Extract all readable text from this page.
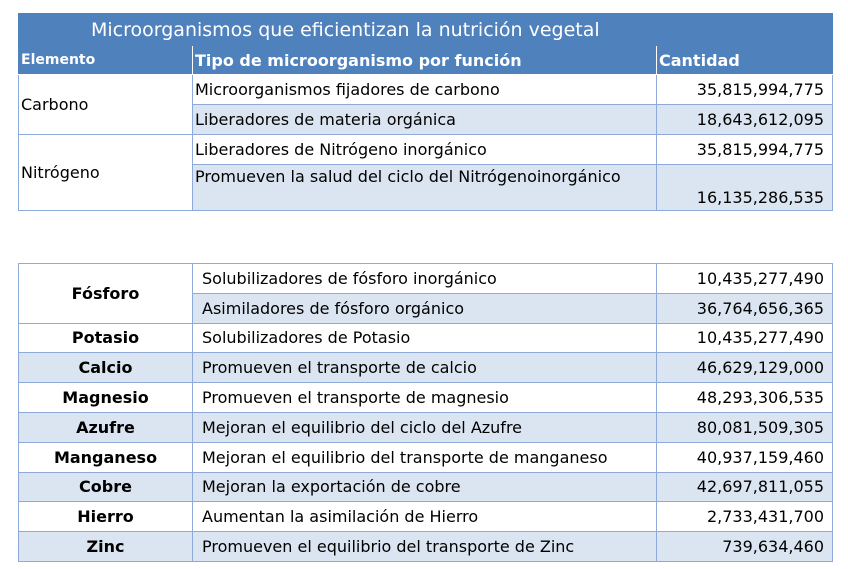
Microorganismos que eficientizan la nutrición vegetal		
Elemento	Tipo de microorganismo por función	Cantidad
Carbono	Microorganismos fijadores de carbono	35,815,994,775
	Liberadores de materia orgánica	18,643,612,095
Nitrógeno	Liberadores de Nitrógeno inorgánico	35,815,994,775
	Promueven la salud del ciclo del Nitrógenoinorgánico	16,135,286,535
Fósforo	Solubilizadores de fósforo inorgánico	10,435,277,490
	Asimiladores de fósforo orgánico	36,764,656,365
Potasio	Solubilizadores de Potasio	10,435,277,490
Calcio	Promueven el transporte de calcio	46,629,129,000
Magnesio	Promueven el transporte de magnesio	48,293,306,535
Azufre	Mejoran el equilibrio del ciclo del Azufre	80,081,509,305
Manganeso	Mejoran el equilibrio del transporte de manganeso	40,937,159,460
Cobre	Mejoran la exportación de cobre	42,697,811,055
Hierro	Aumentan la asimilación de Hierro	2,733,431,700
Zinc	Promueven el equilibrio del transporte de Zinc	739,634,460
